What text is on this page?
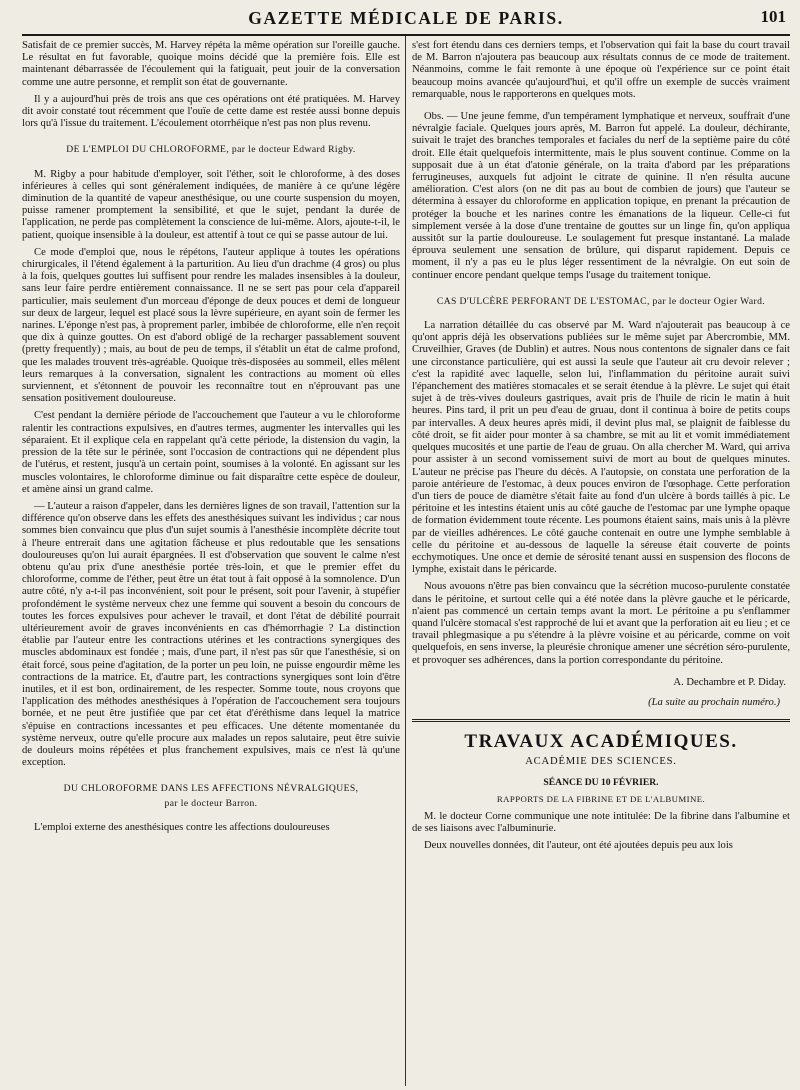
GAZETTE MÉDICALE DE PARIS.	101

Satisfait de ce premier succès, M. Harvey répéta la même opération sur l'oreille gauche. Le résultat en fut favorable, quoique moins décidé que la première fois. Elle est maintenant débarrassée de l'écoulement qui la fatiguait, peut jouir de la conversation comme une autre personne, et remplit son état de gouvernante.

Il y a aujourd'hui près de trois ans que ces opérations ont été pratiquées. M. Harvey dit avoir constaté tout récemment que l'ouïe de cette dame est restée aussi bonne depuis lors qu'à l'issue du traitement. L'écoulement otorrhéique n'est pas non plus revenu.

DE L'EMPLOI DU CHLOROFORME, par le docteur Edward Rigby.

M. Rigby a pour habitude d'employer, soit l'éther, soit le chloroforme, à des doses inférieures à celles qui sont généralement indiquées, de manière à ce qu'une légère diminution de la quantité de vapeur anesthésique, ou une courte suspension du moyen, puisse ramener promptement la sensibilité, et que le sujet, pendant la durée de l'application, ne perde pas complètement la conscience de lui-même. Alors, ajoute-t-il, le patient, quoique insensible à la douleur, est attentif à tout ce qui se passe autour de lui.

Ce mode d'emploi que, nous le répétons, l'auteur applique à toutes les opérations chirurgicales, il l'étend également à la parturition. Au lieu d'un drachme (4 gros) ou plus à la fois, quelques gouttes lui suffisent pour rendre les malades insensibles à la douleur, sans leur faire perdre entièrement connaissance. Il ne se sert pas pour cela d'appareil particulier, mais seulement d'un morceau d'éponge de deux pouces et demi de longueur sur deux de largeur, lequel est placé sous la lèvre supérieure, en ayant soin de fermer les narines. L'éponge n'est pas, à proprement parler, imbibée de chloroforme, elle n'en reçoit que dix à quinze gouttes. On est d'abord obligé de la recharger passablement souvent (pretty frequently) ; mais, au bout de peu de temps, il s'établit un état de calme profond, que les malades trouvent très-agréable. Quoique très-disposées au sommeil, elles mêlent leurs remarques à la conversation, signalent les contractions au moment où elles surviennent, et s'étonnent de pouvoir les reconnaître tout en n'éprouvant pas une sensation positivement douloureuse.

C'est pendant la dernière période de l'accouchement que l'auteur a vu le chloroforme ralentir les contractions expulsives, en d'autres termes, augmenter les intervalles qui les séparaient. Et il explique cela en rappelant qu'à cette période, la distension du vagin, la pression de la tête sur le périnée, sont l'occasion de contractions qui ne dépendent plus de l'utérus, et restent, jusqu'à un certain point, soumises à la volonté. En agissant sur les muscles volontaires, le chloroforme diminue ou fait disparaître cette espèce de douleur, et amène ainsi un grand calme.

— L'auteur a raison d'appeler, dans les dernières lignes de son travail, l'attention sur la différence qu'on observe dans les effets des anesthésiques suivant les individus ; car nous sommes bien convaincu que plus d'un sujet soumis à l'anesthésie incomplète décrite tout à l'heure entrerait dans une agitation fâcheuse et plus redoutable que les sensations douloureuses qu'on lui aurait épargnées. Il est d'observation que souvent le calme n'est obtenu qu'au prix d'une anesthésie portée très-loin, et que le premier effet du chloroforme, comme de l'éther, peut être un état tout à fait opposé à la somnolence. D'un autre côté, n'y a-t-il pas inconvénient, soit pour le présent, soit pour l'avenir, à stupéfier profondément le système nerveux chez une femme qui souvent a besoin du concours de toutes les forces expulsives pour achever le travail, et dont l'état de débilité pourrait ultérieurement avoir de graves inconvénients en cas d'hémorrhagie ? La distinction établie par l'auteur entre les contractions utérines et les contractions synergiques des muscles abdominaux est fondée ; mais, d'une part, il n'est pas sûr que l'anesthésie, si on était forcé, sous peine d'agitation, de la porter un peu loin, ne puisse engourdir même les contractions de la matrice. Et, d'autre part, les contractions synergiques sont loin d'être inutiles, et il est bon, ordinairement, de les respecter. Somme toute, nous croyons que l'application des méthodes anesthésiques à l'opération de l'accouchement sera toujours bornée, et ne peut être justifiée que par cet état d'éréthisme dans lequel la matrice s'épuise en contractions incessantes et peu efficaces. Une détente momentanée du système nerveux, outre qu'elle procure aux malades un repos salutaire, peut être suivie de douleurs moins répétées et plus franchement expulsives, mais ce n'est là qu'une exception.

DU CHLOROFORME DANS LES AFFECTIONS NÉVRALGIQUES,
par le docteur Barron.

L'emploi externe des anesthésiques contre les affections douloureuses

s'est fort étendu dans ces derniers temps, et l'observation qui fait la base du court travail de M. Barron n'ajoutera pas beaucoup aux résultats connus de ce mode de traitement. Néanmoins, comme le fait remonte à une époque où l'expérience sur ce point était beaucoup moins avancée qu'aujourd'hui, et qu'il offre un exemple de succès vraiment remarquable, nous le rapporterons en quelques mots.

Obs. — Une jeune femme, d'un tempérament lymphatique et nerveux, souffrait d'une névralgie faciale. Quelques jours après, M. Barron fut appelé. La douleur, déchirante, suivait le trajet des branches temporales et faciales du nerf de la septième paire du côté droit. Elle était quelquefois intermittente, mais le plus souvent continue. Comme on la supposait due à un état d'atonie générale, on la traita d'abord par les préparations ferrugineuses, auxquels fut adjoint le citrate de quinine. Il n'en résulta aucune amélioration. C'est alors (on ne dit pas au bout de combien de jours) que l'auteur se détermina à essayer du chloroforme en application topique, en prenant la précaution de protéger la bouche et les narines contre les émanations de la liqueur. Celle-ci fut simplement versée à la dose d'une trentaine de gouttes sur un linge fin, qu'on appliqua aussitôt sur la partie douloureuse. Le soulagement fut presque instantané. La malade éprouva seulement une sensation de brûlure, qui disparut rapidement. Depuis ce moment, il n'y a pas eu le plus léger ressentiment de la névralgie. On eut soin de continuer encore pendant quelque temps l'usage du traitement tonique.

CAS D'ULCÈRE PERFORANT DE L'ESTOMAC, par le docteur Ogier Ward.

La narration détaillée du cas observé par M. Ward n'ajouterait pas beaucoup à ce qu'ont appris déjà les observations publiées sur le même sujet par Abercrombie, MM. Cruveilhier, Graves (de Dublin) et autres. Nous nous contentons de signaler dans ce fait une circonstance particulière, qui est aussi la seule que l'auteur ait cru devoir relever ; c'est la rapidité avec laquelle, selon lui, l'inflammation du péritoine aurait suivi l'épanchement des matières stomacales et se serait étendue à la plèvre. Le sujet qui était sujet à de très-vives douleurs gastriques, avait pris de l'huile de ricin le matin à huit heures. Pins tard, il prit un peu d'eau de gruau, dont il continua à boire de petits coups par intervalles. A deux heures après midi, il devint plus mal, se plaignit de faiblesse du côté droit, se fit aider pour monter à sa chambre, se mit au lit et vomit immédiatement quelques mucosités et une partie de l'eau de gruau. On alla chercher M. Ward, qui arriva pour assister à un second vomissement suivi de mort au bout de quelques minutes. L'auteur ne précise pas l'heure du décès. A l'autopsie, on constata une perforation de la paroie antérieure de l'estomac, à deux pouces environ de l'œsophage. Cette perforation d'un tiers de pouce de diamètre s'était faite au fond d'un ulcère à bords taillés à pic. Le péritoine et les intestins étaient unis au côté gauche de l'estomac par une lymphe opaque de formation évidemment toute récente. Les poumons étaient sains, mais unis à la plèvre par de vieilles adhérences. Le côté gauche contenait en outre une lymphe semblable à celle du péritoine et au-dessous de laquelle la séreuse était couverte de points ecchymotiques. Une once et demie de sérosité tenant aussi en suspension des flocons de lymphe, existait dans le péricarde.

Nous avouons n'être pas bien convaincu que la sécrétion mucoso-purulente constatée dans le péritoine, et surtout celle qui a été notée dans la plèvre gauche et le péricarde, n'aient pas commencé un certain temps avant la mort. Le péritoine a pu s'enflammer quand l'ulcère stomacal s'est rapproché de lui et avant que la perforation ait eu lieu ; et ce travail phlegmasique a pu s'étendre à la plèvre voisine et au péricarde, comme on voit quelquefois, en sens inverse, la pleurésie chronique amener une sécrétion séro-purulente, et provoquer ses adhérences, dans la portion correspondante du péritoine.

A. Dechambre et P. Diday.
(La suite au prochain numéro.)
TRAVAUX ACADÉMIQUES.
ACADÉMIE DES SCIENCES.
SÉANCE DU 10 FÉVRIER.
RAPPORTS DE LA FIBRINE ET DE L'ALBUMINE.

M. le docteur Corne communique une note intitulée: De la fibrine dans l'albumine et de ses liaisons avec l'albuminurie.

Deux nouvelles données, dit l'auteur, ont été ajoutées depuis peu aux lois
